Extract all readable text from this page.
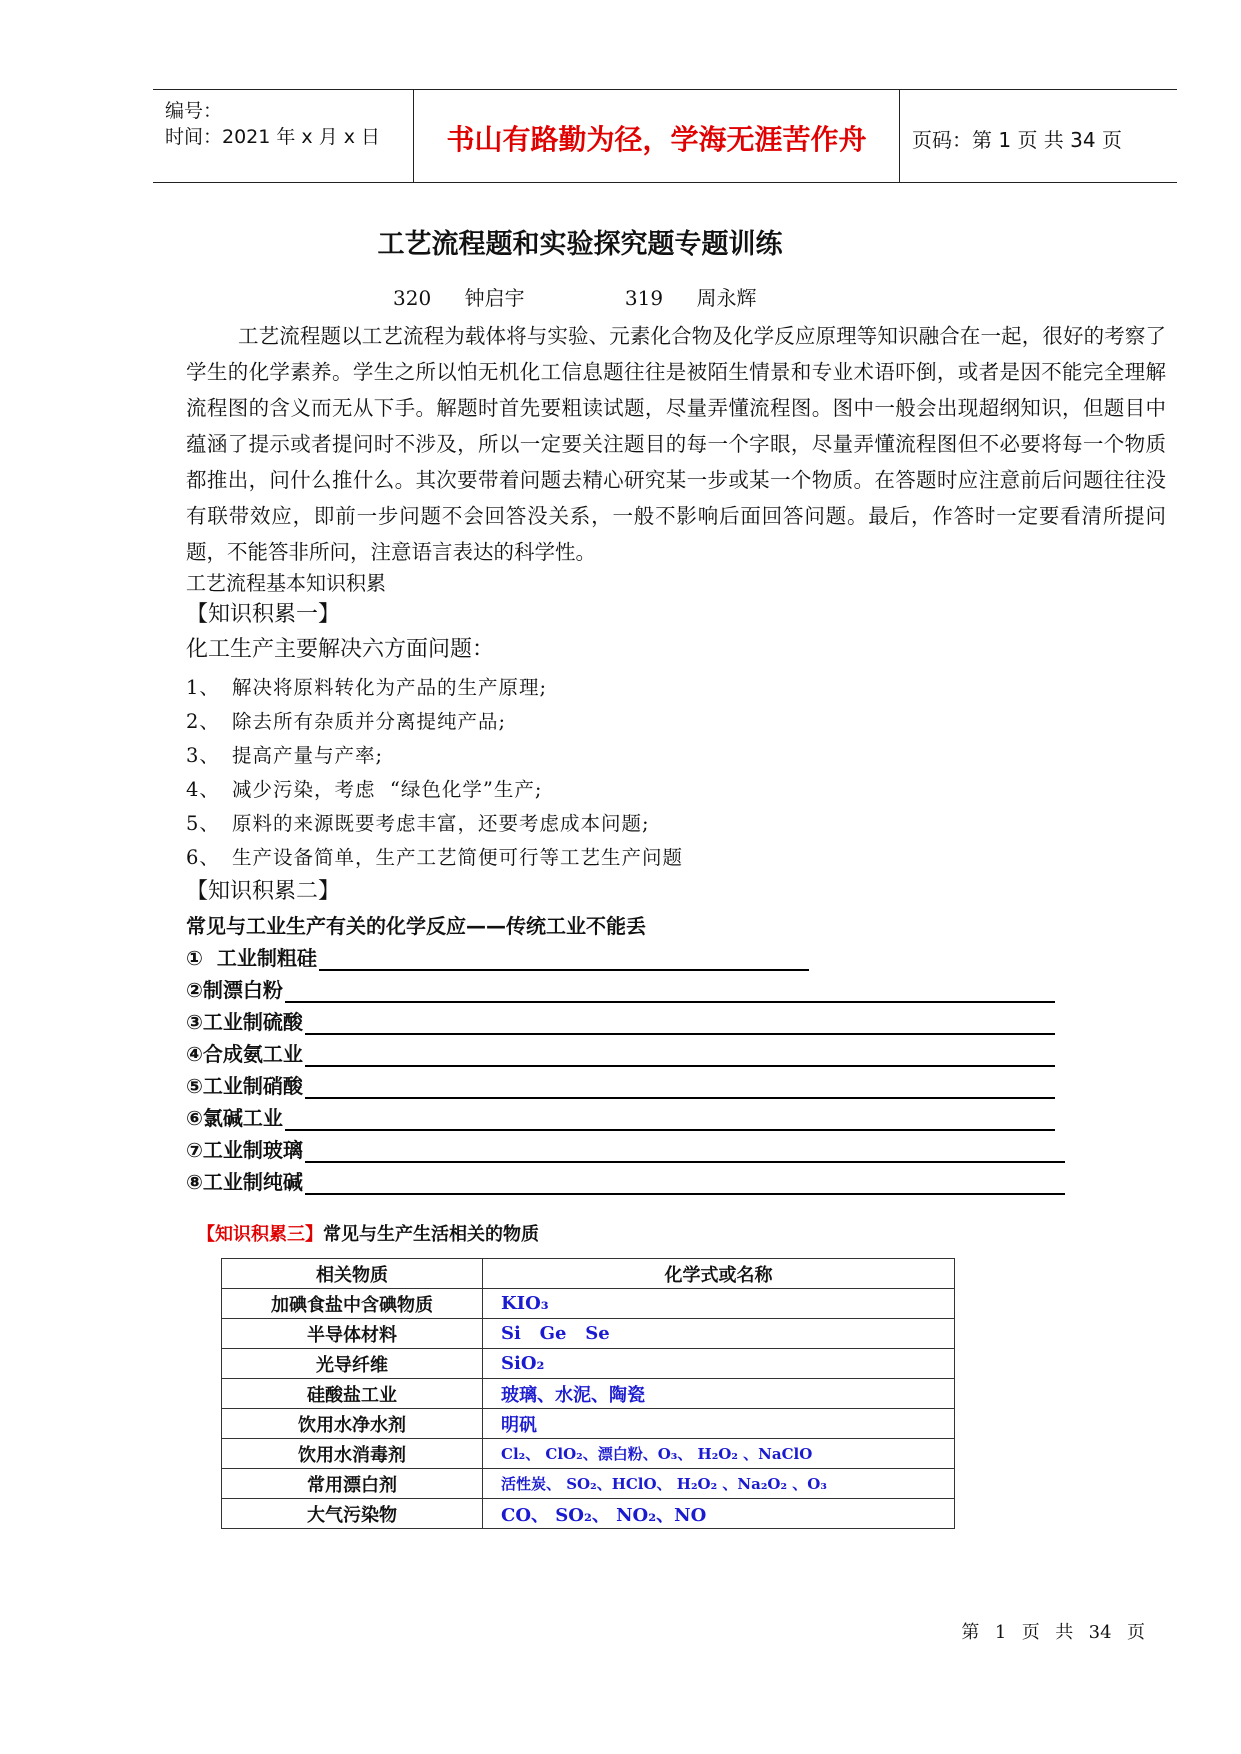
编号：
时间：2021 年 x 月 x 日	书山有路勤为径，学海无涯苦作舟	页码：第 1 页 共 34 页
工艺流程题和实验探究题专题训练
320    钟启宇            319    周永辉
工艺流程题以工艺流程为载体将与实验、元素化合物及化学反应原理等知识融合在一起，很好的考察了学生的化学素养。学生之所以怕无机化工信息题往往是被陌生情景和专业术语吓倒，或者是因不能完全理解流程图的含义而无从下手。解题时首先要粗读试题，尽量弄懂流程图。图中一般会出现超纲知识，但题目中蕴涵了提示或者提问时不涉及，所以一定要关注题目的每一个字眼，尽量弄懂流程图但不必要将每一个物质都推出，问什么推什么。其次要带着问题去精心研究某一步或某一个物质。在答题时应注意前后问题往往没有联带效应，即前一步问题不会回答没关系，一般不影响后面回答问题。最后，作答时一定要看清所提问题，不能答非所问，注意语言表达的科学性。
工艺流程基本知识积累
【知识积累一】
化工生产主要解决六方面问题：
1、 解决将原料转化为产品的生产原理;
2、 除去所有杂质并分离提纯产品;
3、 提高产量与产率;
4、 减少污染，考虑  “绿色化学”生产;
5、 原料的来源既要考虑丰富，还要考虑成本问题;
6、 生产设备简单，生产工艺简便可行等工艺生产问题
【知识积累二】
常见与工业生产有关的化学反应——传统工业不能丢
①  工业制粗硅
②制漂白粉
③工业制硫酸
④合成氨工业
⑤工业制硝酸
⑥氯碱工业
⑦工业制玻璃
⑧工业制纯碱
【知识积累三】常见与生产生活相关的物质
相关物质	化学式或名称
加碘食盐中含碘物质	KIO₃
半导体材料	Si   Ge   Se
光导纤维	SiO₂
硅酸盐工业	玻璃、水泥、陶瓷
饮用水净水剂	明矾
饮用水消毒剂	Cl₂、 ClO₂、漂白粉、O₃、 H₂O₂ 、NaClO
常用漂白剂	活性炭、 SO₂、HClO、 H₂O₂ 、Na₂O₂ 、O₃
大气污染物	CO、 SO₂、 NO₂、NO
第  1  页  共  34  页
